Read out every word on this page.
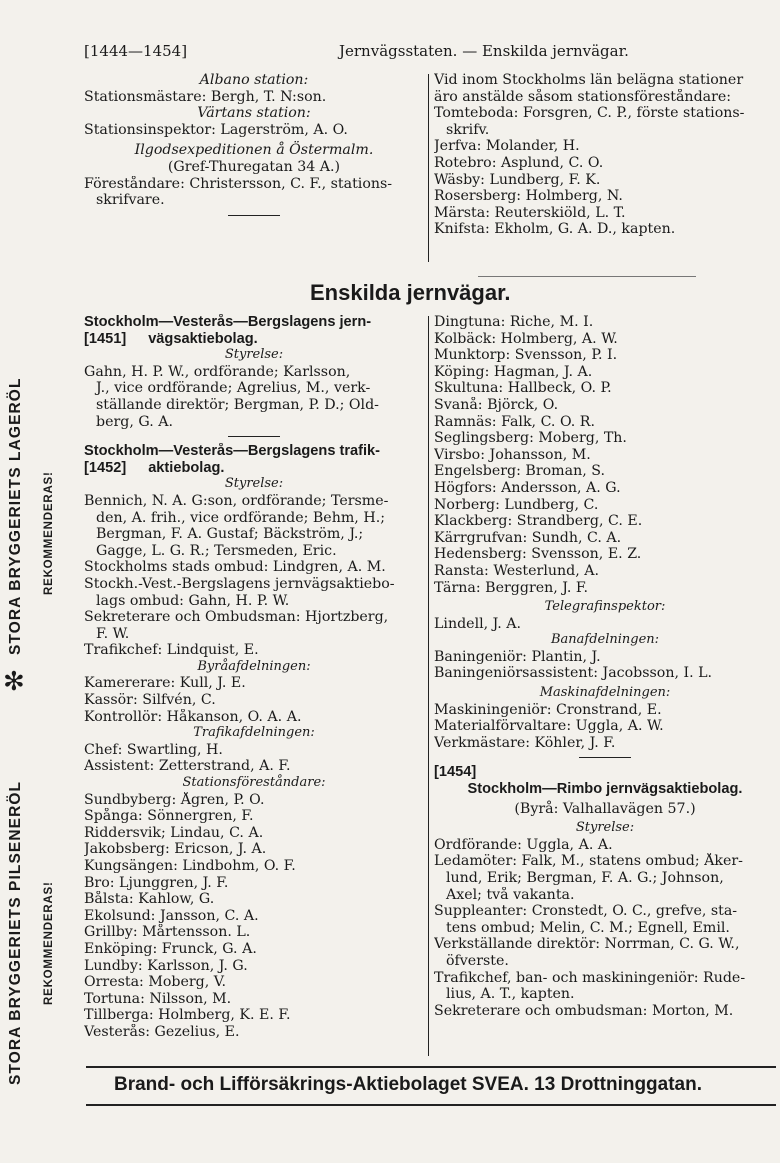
[1444—1454]	Jernvägsstaten. — Enskilda jernvägar.
Albano station:
Stationsmästare: Bergh, T. N:son.
Värtans station:
Stationsinspektor: Lagerström, A. O.
Ilgodsexpeditionen å Östermalm.
(Gref-Thuregatan 34 A.)
Föreståndare: Christersson, C. F., stations-
skrifvare.
Vid inom Stockholms län belägna stationer
äro anstälde såsom stationsföreståndare:
Tomteboda: Forsgren, C. P., förste stations-
skrifv.
Jerfva: Molander, H.
Rotebro: Asplund, C. O.
Wäsby: Lundberg, F. K.
Rosersberg: Holmberg, N.
Märsta: Reuterskiöld, L. T.
Knifsta: Ekholm, G. A. D., kapten.
Enskilda jernvägar.
Stockholm—Vesterås—Bergslagens jern-
[1451] vägsaktiebolag.
Styrelse:
Gahn, H. P. W., ordförande; Karlsson,
J., vice ordförande; Agrelius, M., verk-
ställande direktör; Bergman, P. D.; Old-
berg, G. A.
Stockholm—Vesterås—Bergslagens trafik-
[1452] aktiebolag.
Styrelse:
Bennich, N. A. G:son, ordförande; Tersme-
den, A. frih., vice ordförande; Behm, H.;
Bergman, F. A. Gustaf; Bäckström, J.;
Gagge, L. G. R.; Tersmeden, Eric.
Stockholms stads ombud: Lindgren, A. M.
Stockh.-Vest.-Bergslagens jernvägsaktiebo-
lags ombud: Gahn, H. P. W.
Sekreterare och Ombudsman: Hjortzberg,
F. W.
Trafikchef: Lindquist, E.
Byråafdelningen:
Kamererare: Kull, J. E.
Kassör: Silfvén, C.
Kontrollör: Håkanson, O. A. A.
Trafikafdelningen:
Chef: Swartling, H.
Assistent: Zetterstrand, A. F.
Stationsföreståndare:
Sundbyberg: Ågren, P. O.
Spånga: Sönnergren, F.
Riddersvik; Lindau, C. A.
Jakobsberg: Ericson, J. A.
Kungsängen: Lindbohm, O. F.
Bro: Ljunggren, J. F.
Bålsta: Kahlow, G.
Ekolsund: Jansson, C. A.
Grillby: Mårtensson. L.
Enköping: Frunck, G. A.
Lundby: Karlsson, J. G.
Orresta: Moberg, V.
Tortuna: Nilsson, M.
Tillberga: Holmberg, K. E. F.
Vesterås: Gezelius, E.
Dingtuna: Riche, M. I.
Kolbäck: Holmberg, A. W.
Munktorp: Svensson, P. I.
Köping: Hagman, J. A.
Skultuna: Hallbeck, O. P.
Svanå: Björck, O.
Ramnäs: Falk, C. O. R.
Seglingsberg: Moberg, Th.
Virsbo: Johansson, M.
Engelsberg: Broman, S.
Högfors: Andersson, A. G.
Norberg: Lundberg, C.
Klackberg: Strandberg, C. E.
Kärrgrufvan: Sundh, C. A.
Hedensberg: Svensson, E. Z.
Ransta: Westerlund, A.
Tärna: Berggren, J. F.
Telegrafinspektor:
Lindell, J. A.
Banafdelningen:
Baningeniör: Plantin, J.
Baningeniörsassistent: Jacobsson, I. L.
Maskinafdelningen:
Maskiningeniör: Cronstrand, E.
Materialförvaltare: Uggla, A. W.
Verkmästare: Köhler, J. F.
[1454]
Stockholm—Rimbo jernvägsaktiebolag.
(Byrå: Valhallavägen 57.)
Styrelse:
Ordförande: Uggla, A. A.
Ledamöter: Falk, M., statens ombud; Åker-
lund, Erik; Bergman, F. A. G.; Johnson,
Axel; två vakanta.
Suppleanter: Cronstedt, O. C., grefve, sta-
tens ombud; Melin, C. M.; Egnell, Emil.
Verkställande direktör: Norrman, C. G. W.,
öfverste.
Trafikchef, ban- och maskiningeniör: Rude-
lius, A. T., kapten.
Sekreterare och ombudsman: Morton, M.
Brand- och Lifförsäkrings-Aktiebolaget SVEA. 13 Drottninggatan.
STORA BRYGGERIETS LAGERÖL	REKOMMENDERAS!
✻
STORA BRYGGERIETS PILSENERÖL	REKOMMENDERAS!
